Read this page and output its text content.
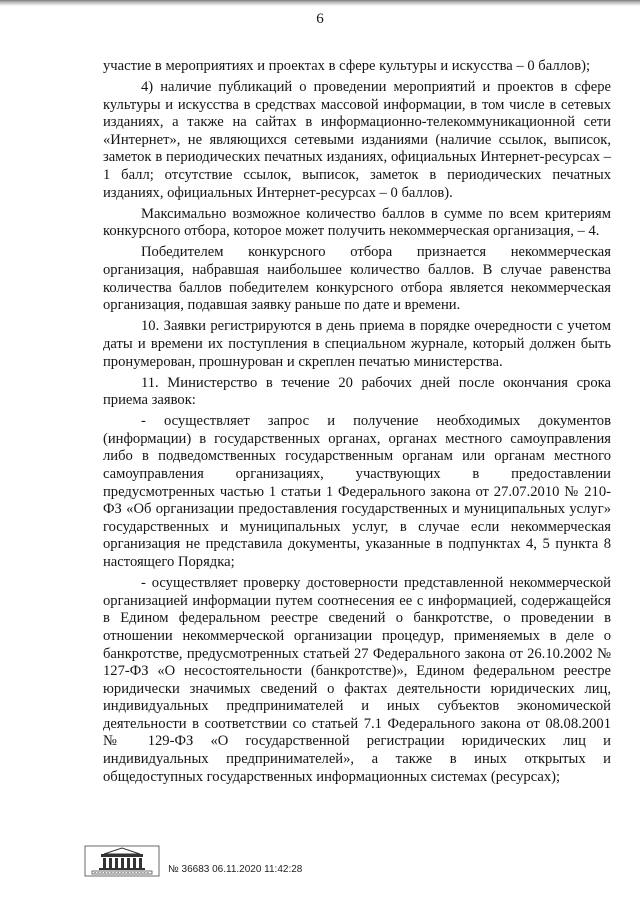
6

участие в мероприятиях и проектах в сфере культуры и искусства – 0 баллов);

4) наличие публикаций о проведении мероприятий и проектов в сфере культуры и искусства в средствах массовой информации, в том числе в сетевых изданиях, а также на сайтах в информационно-телекоммуникационной сети «Интернет», не являющихся сетевыми изданиями (наличие ссылок, выписок, заметок в периодических печатных изданиях, официальных Интернет-ресурсах – 1 балл; отсутствие ссылок, выписок, заметок в периодических печатных изданиях, официальных Интернет-ресурсах – 0 баллов).

Максимально возможное количество баллов в сумме по всем критериям конкурсного отбора, которое может получить некоммерческая организация, – 4.

Победителем конкурсного отбора признается некоммерческая организация, набравшая наибольшее количество баллов. В случае равенства количества баллов победителем конкурсного отбора является некоммерческая организация, подавшая заявку раньше по дате и времени.

10. Заявки регистрируются в день приема в порядке очередности с учетом даты и времени их поступления в специальном журнале, который должен быть пронумерован, прошнурован и скреплен печатью министерства.

11. Министерство в течение 20 рабочих дней после окончания срока приема заявок:

- осуществляет запрос и получение необходимых документов (информации) в государственных органах, органах местного самоуправления либо в подведомственных государственным органам или органам местного самоуправления организациях, участвующих в предоставлении предусмотренных частью 1 статьи 1 Федерального закона от 27.07.2010 № 210-ФЗ «Об организации предоставления государственных и муниципальных услуг» государственных и муниципальных услуг, в случае если некоммерческая организация не представила документы, указанные в подпунктах 4, 5 пункта 8 настоящего Порядка;

- осуществляет проверку достоверности представленной некоммерческой организацией информации путем соотнесения ее с информацией, содержащейся в Едином федеральном реестре сведений о банкротстве, о проведении в отношении некоммерческой организации процедур, применяемых в деле о банкротстве, предусмотренных статьей 27 Федерального закона от 26.10.2002 № 127-ФЗ «О несостоятельности (банкротстве)», Едином федеральном реестре юридически значимых сведений о фактах деятельности юридических лиц, индивидуальных предпринимателей и иных субъектов экономической деятельности в соответствии со статьей 7.1 Федерального закона от 08.08.2001 № 129-ФЗ «О государственной регистрации юридических лиц и индивидуальных предпринимателей», а также в иных открытых и общедоступных государственных информационных системах (ресурсах);

№ 36683 06.11.2020 11:42:28
